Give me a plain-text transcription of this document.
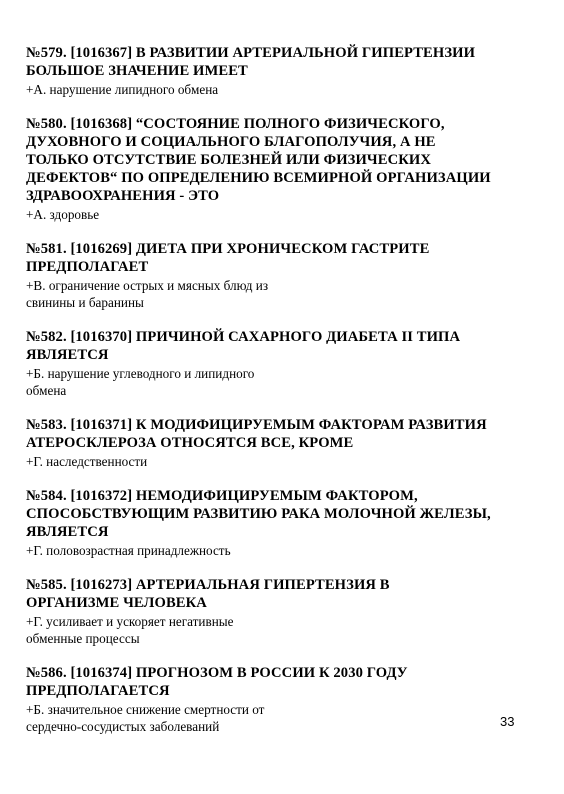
№579. [1016367] В РАЗВИТИИ АРТЕРИАЛЬНОЙ ГИПЕРТЕНЗИИ
БОЛЬШОЕ ЗНАЧЕНИЕ ИМЕЕТ
+А. нарушение липидного обмена
№580. [1016368] “СОСТОЯНИЕ ПОЛНОГО ФИЗИЧЕСКОГО,
ДУХОВНОГО И СОЦИАЛЬНОГО БЛАГОПОЛУЧИЯ, А НЕ
ТОЛЬКО ОТСУТСТВИЕ БОЛЕЗНЕЙ ИЛИ ФИЗИЧЕСКИХ
ДЕФЕКТОВ“ ПО ОПРЕДЕЛЕНИЮ ВСЕМИРНОЙ ОРГАНИЗАЦИИ
ЗДРАВООХРАНЕНИЯ - ЭТО
+А. здоровье
№581. [1016269] ДИЕТА ПРИ ХРОНИЧЕСКОМ ГАСТРИТЕ
ПРЕДПОЛАГАЕТ
+В. ограничение острых и мясных блюд из
свинины и баранины
№582. [1016370] ПРИЧИНОЙ САХАРНОГО ДИАБЕТА II ТИПА
ЯВЛЯЕТСЯ
+Б. нарушение углеводного и липидного
обмена
№583. [1016371] К МОДИФИЦИРУЕМЫМ ФАКТОРАМ РАЗВИТИЯ
АТЕРОСКЛЕРОЗА ОТНОСЯТСЯ ВСЕ, КРОМЕ
+Г. наследственности
№584. [1016372] НЕМОДИФИЦИРУЕМЫМ ФАКТОРОМ,
СПОСОБСТВУЮЩИМ РАЗВИТИЮ РАКА МОЛОЧНОЙ ЖЕЛЕЗЫ,
ЯВЛЯЕТСЯ
+Г. половозрастная принадлежность
№585. [1016273] АРТЕРИАЛЬНАЯ ГИПЕРТЕНЗИЯ В
ОРГАНИЗМЕ ЧЕЛОВЕКА
+Г. усиливает и ускоряет негативные
обменные процессы
№586. [1016374] ПРОГНОЗОМ В РОССИИ К 2030 ГОДУ
ПРЕДПОЛАГАЕТСЯ
+Б. значительное снижение смертности от
сердечно-сосудистых заболеваний	33
